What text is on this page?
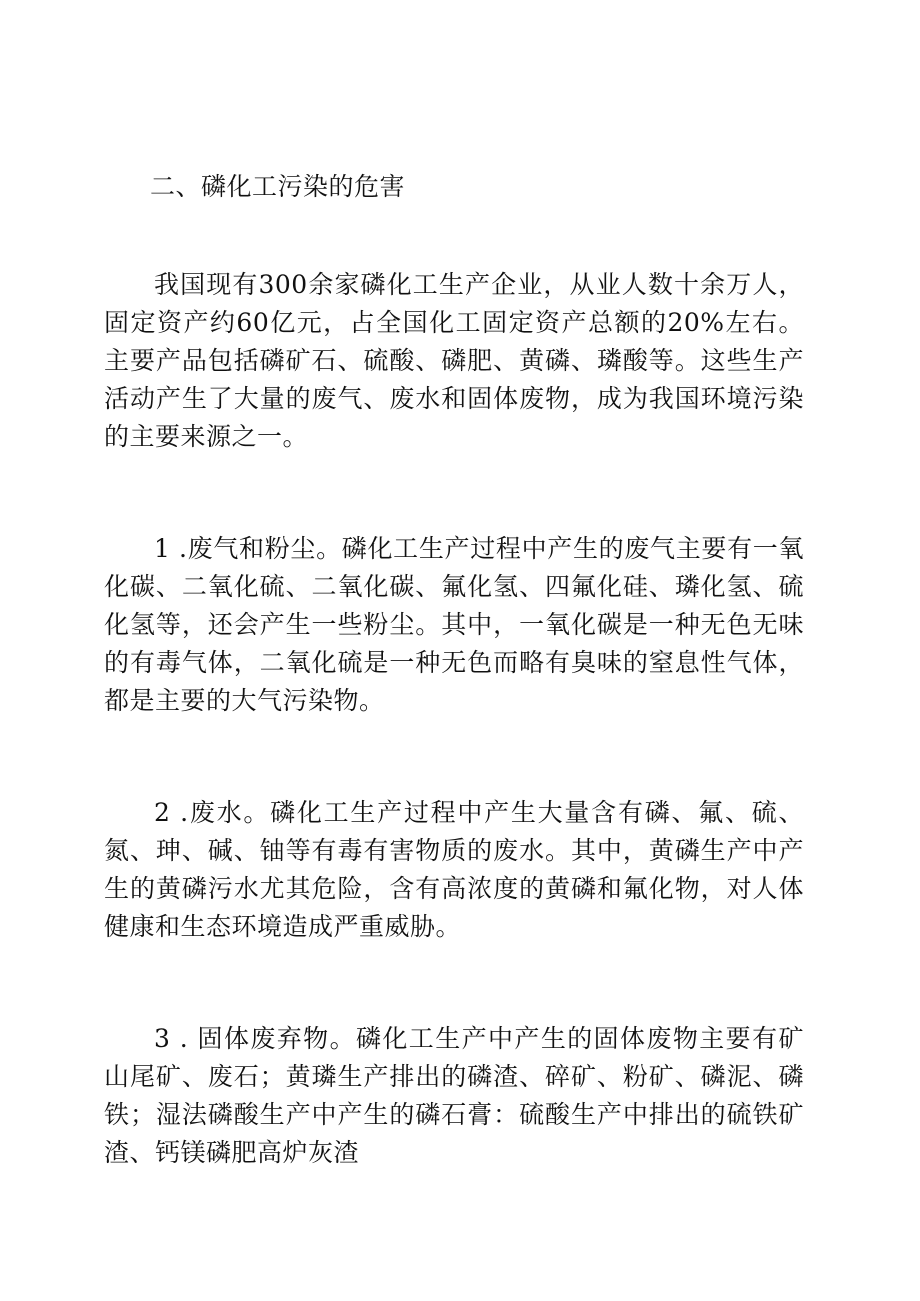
二、磷化工污染的危害

我国现有300余家磷化工生产企业，从业人数十余万人，固定资产约60亿元，占全国化工固定资产总额的20%左右。主要产品包括磷矿石、硫酸、磷肥、黄磷、璘酸等。这些生产活动产生了大量的废气、废水和固体废物，成为我国环境污染的主要来源之一。

1 .废气和粉尘。磷化工生产过程中产生的废气主要有一氧化碳、二氧化硫、二氧化碳、氟化氢、四氟化硅、璘化氢、硫化氢等，还会产生一些粉尘。其中，一氧化碳是一种无色无味的有毒气体，二氧化硫是一种无色而略有臭味的窒息性气体，都是主要的大气污染物。

2 .废水。磷化工生产过程中产生大量含有磷、氟、硫、氮、珅、碱、铀等有毒有害物质的废水。其中，黄磷生产中产生的黄磷污水尤其危险，含有高浓度的黄磷和氟化物，对人体健康和生态环境造成严重威胁。

3 . 固体废弃物。磷化工生产中产生的固体废物主要有矿山尾矿、废石；黄璘生产排出的磷渣、碎矿、粉矿、磷泥、磷铁；湿法磷酸生产中产生的磷石膏：硫酸生产中排出的硫铁矿渣、钙镁磷肥高炉灰渣
